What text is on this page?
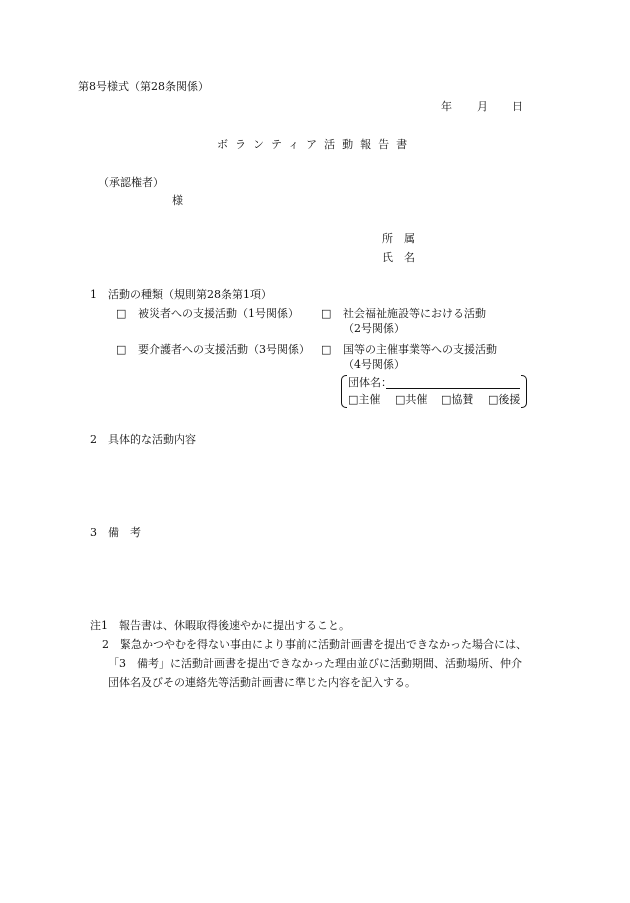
第8号様式（第28条関係）
年 月 日
ボランティア活動報告書
（承認権者）
様
所　属
氏　名
1　活動の種類（規則第28条第1項）
□ 被災者への支援活動（1号関係） □ 社会福祉施設等における活動
（2号関係）
□ 要介護者への支援活動（3号関係） □ 国等の主催事業等への支援活動
（4号関係）
団体名：
□主催 □共催 □協賛 □後援
2　具体的な活動内容
3　備　考
注1　報告書は、休暇取得後速やかに提出すること。
2　緊急かつやむを得ない事由により事前に活動計画書を提出できなかった場合には、
「3　備考」に活動計画書を提出できなかった理由並びに活動期間、活動場所、仲介
団体名及びその連絡先等活動計画書に準じた内容を記入する。
